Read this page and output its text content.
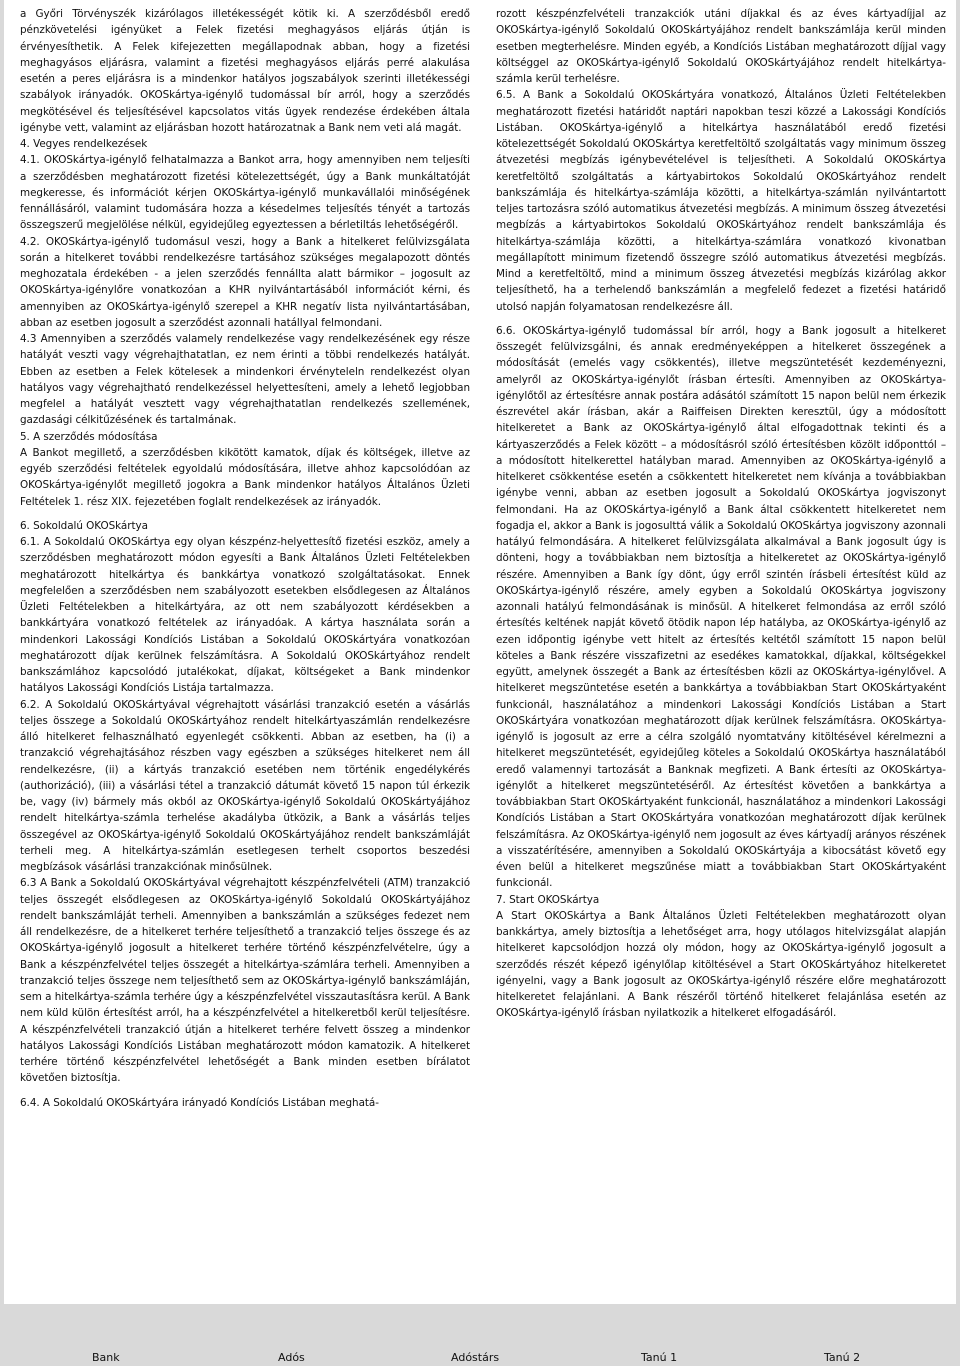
a Győri Törvényszék kizárólagos illetékességét kötik ki. A szerződésből eredő pénzkövetelési igényüket a Felek fizetési meghagyásos eljárás útján is érvényesíthetik. A Felek kifejezetten megállapodnak abban, hogy a fizetési meghagyásos eljárásra, valamint a fizetési meghagyásos eljárás perré alakulása esetén a peres eljárásra is a mindenkor hatályos jogszabályok szerinti illetékességi szabályok irányadók. OKOSkártya-igénylő tudomással bír arról, hogy a szerződés megkötésével és teljesítésével kapcsolatos vitás ügyek rendezése érdekében általa igénybe vett, valamint az eljárásban hozott határozatnak a Bank nem veti alá magát.

4. Vegyes rendelkezések

4.1. OKOSkártya-igénylő felhatalmazza a Bankot arra, hogy amennyiben nem teljesíti a szerződésben meghatározott fizetési kötelezettségét, úgy a Bank munkáltatóját megkeresse, és információt kérjen OKOSkártya-igénylő munkavállalói minőségének fennállásáról, valamint tudomására hozza a késedelmes teljesítés tényét a tartozás összegszerű megjelölése nélkül, egyidejűleg egyeztessen a bérletiltás lehetőségéről.

4.2. OKOSkártya-igénylő tudomásul veszi, hogy a Bank a hitelkeret felülvizsgálata során a hitelkeret további rendelkezésre tartásához szükséges megalapozott döntés meghozatala érdekében - a jelen szerződés fennállta alatt bármikor – jogosult az OKOSkártya-igénylőre vonatkozóan a KHR nyilvántartásából információt kérni, és amennyiben az OKOSkártya-igénylő szerepel a KHR negatív lista nyilvántartásában, abban az esetben jogosult a szerződést azonnali hatállyal felmondani.

4.3 Amennyiben a szerződés valamely rendelkezése vagy rendelkezésének egy része hatályát veszti vagy végrehajthatatlan, ez nem érinti a többi rendelkezés hatályát. Ebben az esetben a Felek kötelesek a mindenkori érvényteleln rendelkezést olyan hatályos vagy végrehajtható rendelkezéssel helyettesíteni, amely a lehető legjobban megfelel a hatályát vesztett vagy végrehajthatatlan rendelkezés szellemének, gazdasági célkitűzésének és tartalmának.

5. A szerződés módosítása

A Bankot megillető, a szerződésben kikötött kamatok, díjak és költségek, illetve az egyéb szerződési feltételek egyoldalú módosítására, illetve ahhoz kapcsolódóan az OKOSkártya-igénylőt megillető jogokra a Bank mindenkor hatályos Általános Üzleti Feltételek 1. rész XIX. fejezetében foglalt rendelkezések az irányadók.

6. Sokoldalú OKOSkártya

6.1. A Sokoldalú OKOSkártya egy olyan készpénz-helyettesítő fizetési eszköz, amely a szerződésben meghatározott módon egyesíti a Bank Általános Üzleti Feltételekben meghatározott hitelkártya és bankkártya vonatkozó szolgáltatásokat. Ennek megfelelően a szerződésben nem szabályozott esetekben elsődlegesen az Általános Üzleti Feltételekben a hitelkártyára, az ott nem szabályozott kérdésekben a bankkártyára vonatkozó feltételek az irányadóak. A kártya használata során a mindenkori Lakossági Kondíciós Listában a Sokoldalú OKOSkártyára vonatkozóan meghatározott díjak kerülnek felszámításra. A Sokoldalú OKOSkártyához rendelt bankszámlához kapcsolódó jutalékokat, díjakat, költségeket a Bank mindenkor hatályos Lakossági Kondíciós Listája tartalmazza.

6.2. A Sokoldalú OKOSkártyával végrehajtott vásárlási tranzakció esetén a vásárlás teljes összege a Sokoldalú OKOSkártyához rendelt hitelkártyaszámlán rendelkezésre álló hitelkeret felhasználható egyenlegét csökkenti. Abban az esetben, ha (i) a tranzakció végrehajtásához részben vagy egészben a szükséges hitelkeret nem áll rendelkezésre, (ii) a kártyás tranzakció esetében nem történik engedélykérés (authorizáció), (iii) a vásárlási tétel a tranzakció dátumát követő 15 napon túl érkezik be, vagy (iv) bármely más okból az OKOSkártya-igénylő Sokoldalú OKOSkártyájához rendelt hitelkártya-számla terhelése akadályba ütközik, a Bank a vásárlás teljes összegével az OKOSkártya-igénylő Sokoldalú OKOSkártyájához rendelt bankszámláját terheli meg. A hitelkártya-számlán esetlegesen terhelt csoportos beszedési megbízások vásárlási tranzakciónak minősülnek.

6.3 A Bank a Sokoldalú OKOSkártyával végrehajtott készpénzfelvételi (ATM) tranzakció teljes összegét elsődlegesen az OKOSkártya-igénylő Sokoldalú OKOSkártyájához rendelt bankszámláját terheli. Amennyiben a bankszámlán a szükséges fedezet nem áll rendelkezésre, de a hitelkeret terhére teljesíthető a tranzakció teljes összege és az OKOSkártya-igénylő jogosult a hitelkeret terhére történő készpénzfelvételre, úgy a Bank a készpénzfelvétel teljes összegét a hitelkártya-számlára terheli. Amennyiben a tranzakció teljes összege nem teljesíthető sem az OKOSkártya-igénylő bankszámláján, sem a hitelkártya-számla terhére úgy a készpénzfelvétel visszautasításra kerül. A Bank nem küld külön értesítést arról, ha a készpénzfelvétel a hitelkeretből kerül teljesítésre. A készpénzfelvételi tranzakció útján a hitelkeret terhére felvett összeg a mindenkor hatályos Lakossági Kondíciós Listában meghatározott módon kamatozik. A hitelkeret terhére történő készpénzfelvétel lehetőségét a Bank minden esetben bírálatot követően biztosítja.

6.4. A Sokoldalú OKOSkártyára irányadó Kondíciós Listában meghatá-

rozott készpénzfelvételi tranzakciók utáni díjakkal és az éves kártyadíjjal az OKOSkártya-igénylő Sokoldalú OKOSkártyájához rendelt bankszámlája kerül minden esetben megterhelésre. Minden egyéb, a Kondíciós Listában meghatározott díjjal vagy költséggel az OKOSkártya-igénylő Sokoldalú OKOSkártyájához rendelt hitelkártya-számla kerül terhelésre.

6.5. A Bank a Sokoldalú OKOSkártyára vonatkozó, Általános Üzleti Feltételekben meghatározott fizetési határidőt naptári napokban teszi közzé a Lakossági Kondíciós Listában. OKOSkártya-igénylő a hitelkártya használatából eredő fizetési kötelezettségét Sokoldalú OKOSkártya keretfeltöltő szolgáltatás vagy minimum összeg átvezetési megbízás igénybevételével is teljesítheti. A Sokoldalú OKOSkártya keretfeltöltő szolgáltatás a kártyabirtokos Sokoldalú OKOSkártyához rendelt bankszámlája és hitelkártya-számlája közötti, a hitelkártya-számlán nyilvántartott teljes tartozásra szóló automatikus átvezetési megbízás. A minimum összeg átvezetési megbízás a kártyabirtokos Sokoldalú OKOSkártyához rendelt bankszámlája és hitelkártya-számlája közötti, a hitelkártya-számlára vonatkozó kivonatban megállapított minimum fizetendő összegre szóló automatikus átvezetési megbízás. Mind a keretfeltöltő, mind a minimum összeg átvezetési megbízás kizárólag akkor teljesíthető, ha a terhelendő bankszámlán a megfelelő fedezet a fizetési határidő utolsó napján folyamatosan rendelkezésre áll.

6.6. OKOSkártya-igénylő tudomással bír arról, hogy a Bank jogosult a hitelkeret összegét felülvizsgálni, és annak eredményeképpen a hitelkeret összegének a módosítását (emelés vagy csökkentés), illetve megszüntetését kezdeményezni, amelyről az OKOSkártya-igénylőt írásban értesíti. Amennyiben az OKOSkártya-igénylőtől az értesítésre annak postára adásától számított 15 napon belül nem érkezik észrevétel akár írásban, akár a Raiffeisen Direkten keresztül, úgy a módosított hitelkeretet a Bank az OKOSkártya-igénylő által elfogadottnak tekinti és a kártyaszerződés a Felek között – a módosításról szóló értesítésben közölt időponttól – a módosított hitelkerettel hatályban marad. Amennyiben az OKOSkártya-igénylő a hitelkeret csökkentése esetén a csökkentett hitelkeretet nem kívánja a továbbiakban igénybe venni, abban az esetben jogosult a Sokoldalú OKOSkártya jogviszonyt felmondani. Ha az OKOSkártya-igénylő a Bank által csökkentett hitelkeretet nem fogadja el, akkor a Bank is jogosulttá válik a Sokoldalú OKOSkártya jogviszony azonnali hatályú felmondására. A hitelkeret felülvizsgálata alkalmával a Bank jogosult úgy is dönteni, hogy a továbbiakban nem biztosítja a hitelkeretet az OKOSkártya-igénylő részére. Amennyiben a Bank így dönt, úgy erről szintén írásbeli értesítést küld az OKOSkártya-igénylő részére, amely egyben a Sokoldalú OKOSkártya jogviszony azonnali hatályú felmondásának is minősül. A hitelkeret felmondása az erről szóló értesítés keltének napját követő ötödik napon lép hatályba, az OKOSkártya-igénylő az ezen időpontig igénybe vett hitelt az értesítés keltétől számított 15 napon belül köteles a Bank részére visszafizetni az esedékes kamatokkal, díjakkal, költségekkel együtt, amelynek összegét a Bank az értesítésben közli az OKOSkártya-igénylővel. A hitelkeret megszüntetése esetén a bankkártya a továbbiakban Start OKOSkártyaként funkcionál, használatához a mindenkori Lakossági Kondíciós Listában a Start OKOSkártyára vonatkozóan meghatározott díjak kerülnek felszámításra. OKOSkártya-igénylő is jogosult az erre a célra szolgáló nyomtatvány kitöltésével kérelmezni a hitelkeret megszüntetését, egyidejűleg köteles a Sokoldalú OKOSkártya használatából eredő valamennyi tartozását a Banknak megfizeti. A Bank értesíti az OKOSkártya-igénylőt a hitelkeret megszüntetéséről. Az értesítést követően a bankkártya a továbbiakban Start OKOSkártyaként funkcionál, használatához a mindenkori Lakossági Kondíciós Listában a Start OKOSkártyára vonatkozóan meghatározott díjak kerülnek felszámításra. Az OKOSkártya-igénylő nem jogosult az éves kártyadíj arányos részének a visszatérítésére, amennyiben a Sokoldalú OKOSkártyája a kibocsátást követő egy éven belül a hitelkeret megszűnése miatt a továbbiakban Start OKOSkártyaként funkcionál.

7. Start OKOSkártya

A Start OKOSkártya a Bank Általános Üzleti Feltételekben meghatározott olyan bankkártya, amely biztosítja a lehetőséget arra, hogy utólagos hitelvizsgálat alapján hitelkeret kapcsolódjon hozzá oly módon, hogy az OKOSkártya-igénylő jogosult a szerződés részét képező igénylőlap kitöltésével a Start OKOSkártyához hitelkeretet igényelni, vagy a Bank jogosult az OKOSkártya-igénylő részére előre meghatározott hitelkeretet felajánlani. A Bank részéről történő hitelkeret felajánlása esetén az OKOSkártya-igénylő írásban nyilatkozik a hitelkeret elfogadásáról.

Bank	Adós	Adóstárs	Tanú 1	Tanú 2
